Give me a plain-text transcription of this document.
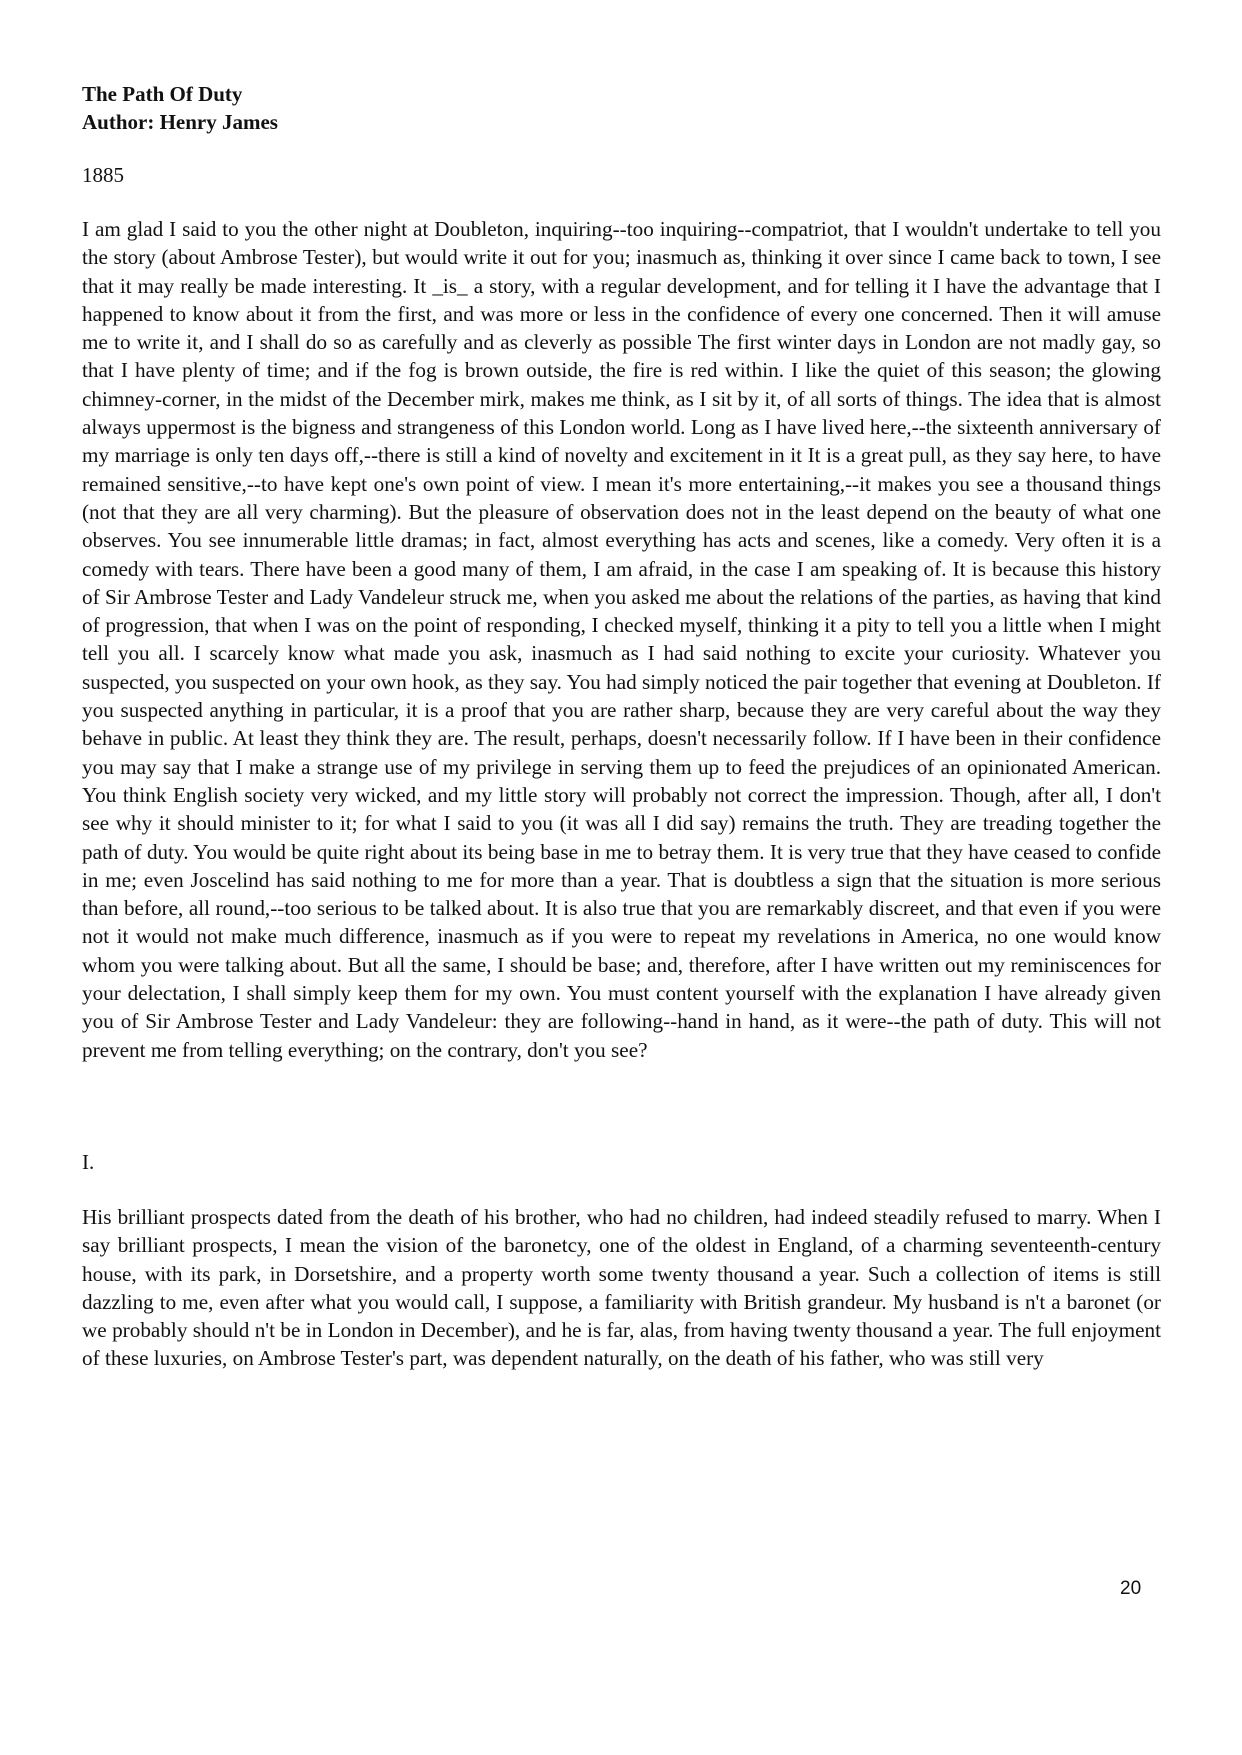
The Path Of Duty
Author: Henry James
1885

I am glad I said to you the other night at Doubleton, inquiring--too inquiring--compatriot, that I wouldn't undertake to tell you the story (about Ambrose Tester), but would write it out for you; inasmuch as, thinking it over since I came back to town, I see that it may really be made interesting. It _is_ a story, with a regular development, and for telling it I have the advantage that I happened to know about it from the first, and was more or less in the confidence of every one concerned. Then it will amuse me to write it, and I shall do so as carefully and as cleverly as possible The first winter days in London are not madly gay, so that I have plenty of time; and if the fog is brown outside, the fire is red within. I like the quiet of this season; the glowing chimney-corner, in the midst of the December mirk, makes me think, as I sit by it, of all sorts of things. The idea that is almost always uppermost is the bigness and strangeness of this London world. Long as I have lived here,--the sixteenth anniversary of my marriage is only ten days off,--there is still a kind of novelty and excitement in it It is a great pull, as they say here, to have remained sensitive,--to have kept one's own point of view. I mean it's more entertaining,--it makes you see a thousand things (not that they are all very charming). But the pleasure of observation does not in the least depend on the beauty of what one observes. You see innumerable little dramas; in fact, almost everything has acts and scenes, like a comedy. Very often it is a comedy with tears. There have been a good many of them, I am afraid, in the case I am speaking of. It is because this history of Sir Ambrose Tester and Lady Vandeleur struck me, when you asked me about the relations of the parties, as having that kind of progression, that when I was on the point of responding, I checked myself, thinking it a pity to tell you a little when I might tell you all. I scarcely know what made you ask, inasmuch as I had said nothing to excite your curiosity. Whatever you suspected, you suspected on your own hook, as they say. You had simply noticed the pair together that evening at Doubleton. If you suspected anything in particular, it is a proof that you are rather sharp, because they are very careful about the way they behave in public. At least they think they are. The result, perhaps, doesn't necessarily follow. If I have been in their confidence you may say that I make a strange use of my privilege in serving them up to feed the prejudices of an opinionated American. You think English society very wicked, and my little story will probably not correct the impression. Though, after all, I don't see why it should minister to it; for what I said to you (it was all I did say) remains the truth. They are treading together the path of duty. You would be quite right about its being base in me to betray them. It is very true that they have ceased to confide in me; even Joscelind has said nothing to me for more than a year. That is doubtless a sign that the situation is more serious than before, all round,--too serious to be talked about. It is also true that you are remarkably discreet, and that even if you were not it would not make much difference, inasmuch as if you were to repeat my revelations in America, no one would know whom you were talking about. But all the same, I should be base; and, therefore, after I have written out my reminiscences for your delectation, I shall simply keep them for my own. You must content yourself with the explanation I have already given you of Sir Ambrose Tester and Lady Vandeleur: they are following--hand in hand, as it were--the path of duty. This will not prevent me from telling everything; on the contrary, don't you see?

I.

His brilliant prospects dated from the death of his brother, who had no children, had indeed steadily refused to marry. When I say brilliant prospects, I mean the vision of the baronetcy, one of the oldest in England, of a charming seventeenth-century house, with its park, in Dorsetshire, and a property worth some twenty thousand a year. Such a collection of items is still dazzling to me, even after what you would call, I suppose, a familiarity with British grandeur. My husband is n't a baronet (or we probably should n't be in London in December), and he is far, alas, from having twenty thousand a year. The full enjoyment of these luxuries, on Ambrose Tester's part, was dependent naturally, on the death of his father, who was still very

20
